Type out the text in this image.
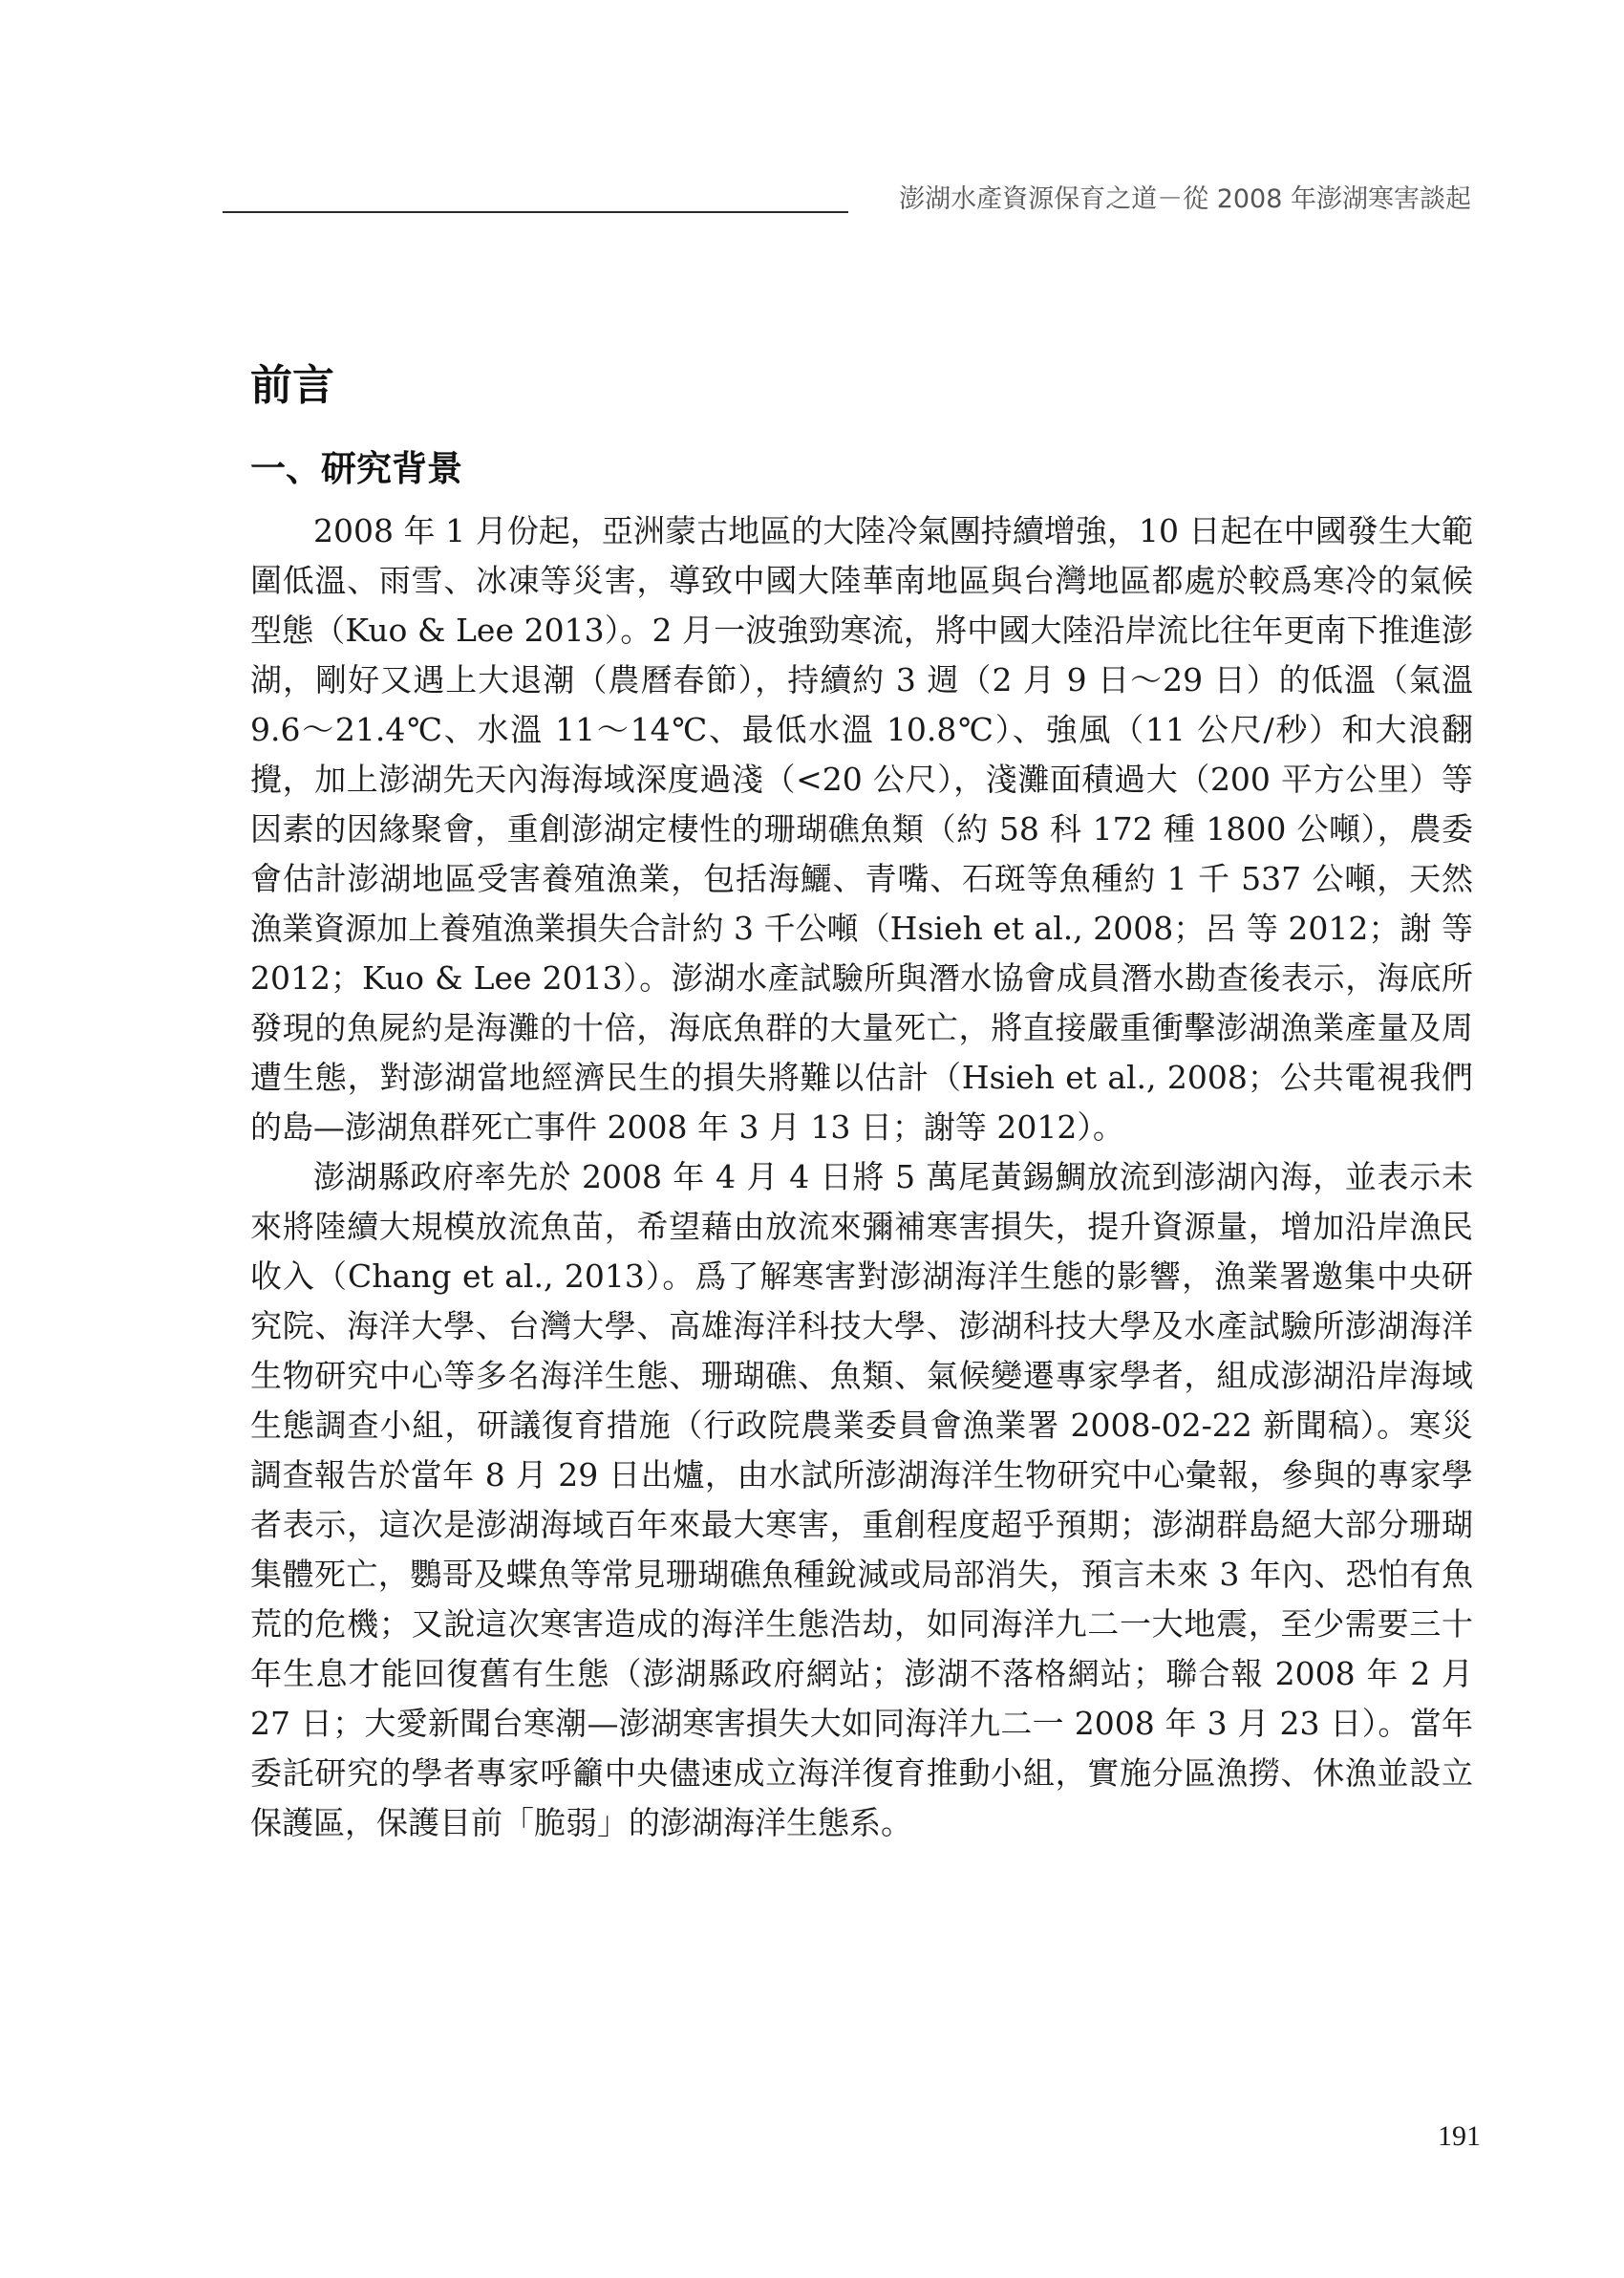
澎湖水產資源保育之道－從 2008 年澎湖寒害談起
前言
一、研究背景

2008 年 1 月份起，亞洲蒙古地區的大陸冷氣團持續增強，10 日起在中國發生大範圍低溫、雨雪、冰凍等災害，導致中國大陸華南地區與台灣地區都處於較爲寒冷的氣候型態（Kuo & Lee 2013）。2 月一波強勁寒流，將中國大陸沿岸流比往年更南下推進澎湖，剛好又遇上大退潮（農曆春節），持續約 3 週（2 月 9 日～29 日）的低溫（氣溫 9.6～21.4℃、水溫 11～14℃、最低水溫 10.8℃）、強風（11 公尺/秒）和大浪翻攪，加上澎湖先天內海海域深度過淺（<20 公尺），淺灘面積過大（200 平方公里）等因素的因緣聚會，重創澎湖定棲性的珊瑚礁魚類（約 58 科 172 種 1800 公噸），農委會估計澎湖地區受害養殖漁業，包括海鱺、青嘴、石斑等魚種約 1 千 537 公噸，天然漁業資源加上養殖漁業損失合計約 3 千公噸（Hsieh et al., 2008；呂 等 2012；謝 等 2012；Kuo & Lee 2013）。澎湖水產試驗所與潛水協會成員潛水勘查後表示，海底所發現的魚屍約是海灘的十倍，海底魚群的大量死亡，將直接嚴重衝擊澎湖漁業產量及周遭生態，對澎湖當地經濟民生的損失將難以估計（Hsieh et al., 2008；公共電視我們的島—澎湖魚群死亡事件 2008 年 3 月 13 日；謝等 2012）。

澎湖縣政府率先於 2008 年 4 月 4 日將 5 萬尾黃錫鯛放流到澎湖內海，並表示未來將陸續大規模放流魚苗，希望藉由放流來彌補寒害損失，提升資源量，增加沿岸漁民收入（Chang et al., 2013）。爲了解寒害對澎湖海洋生態的影響，漁業署邀集中央研究院、海洋大學、台灣大學、高雄海洋科技大學、澎湖科技大學及水產試驗所澎湖海洋生物研究中心等多名海洋生態、珊瑚礁、魚類、氣候變遷專家學者，組成澎湖沿岸海域生態調查小組，研議復育措施（行政院農業委員會漁業署 2008-02-22 新聞稿）。寒災調查報告於當年 8 月 29 日出爐，由水試所澎湖海洋生物研究中心彙報，參與的專家學者表示，這次是澎湖海域百年來最大寒害，重創程度超乎預期；澎湖群島絕大部分珊瑚集體死亡，鸚哥及蝶魚等常見珊瑚礁魚種銳減或局部消失，預言未來 3 年內、恐怕有魚荒的危機；又說這次寒害造成的海洋生態浩劫，如同海洋九二一大地震，至少需要三十年生息才能回復舊有生態（澎湖縣政府網站；澎湖不落格網站；聯合報 2008 年 2 月 27 日；大愛新聞台寒潮—澎湖寒害損失大如同海洋九二一 2008 年 3 月 23 日）。當年委託研究的學者專家呼籲中央儘速成立海洋復育推動小組，實施分區漁撈、休漁並設立保護區，保護目前「脆弱」的澎湖海洋生態系。

191
